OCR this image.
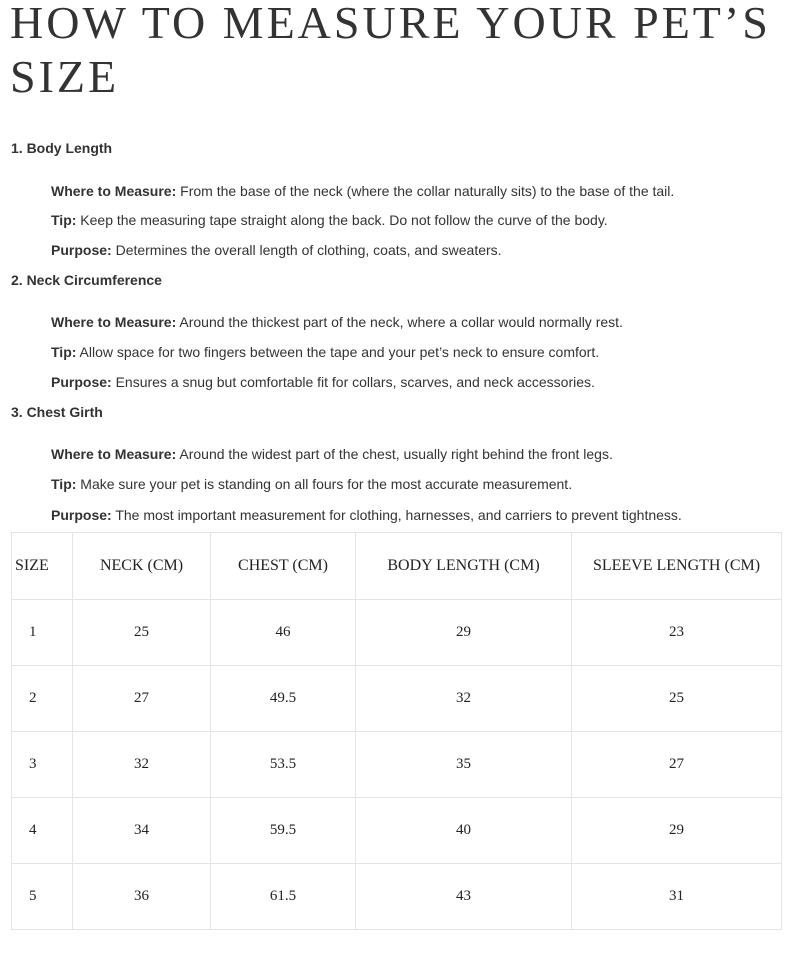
HOW TO MEASURE YOUR PET’S SIZE

1. Body Length

Where to Measure: From the base of the neck (where the collar naturally sits) to the base of the tail.

Tip: Keep the measuring tape straight along the back. Do not follow the curve of the body.

Purpose: Determines the overall length of clothing, coats, and sweaters.

2. Neck Circumference

Where to Measure: Around the thickest part of the neck, where a collar would normally rest.

Tip: Allow space for two fingers between the tape and your pet’s neck to ensure comfort.

Purpose: Ensures a snug but comfortable fit for collars, scarves, and neck accessories.

3. Chest Girth

Where to Measure: Around the widest part of the chest, usually right behind the front legs.

Tip: Make sure your pet is standing on all fours for the most accurate measurement.

Purpose: The most important measurement for clothing, harnesses, and carriers to prevent tightness.

SIZE	NECK (CM)	CHEST (CM)	BODY LENGTH (CM)	SLEEVE LENGTH (CM)
1	25	46	29	23
2	27	49.5	32	25
3	32	53.5	35	27
4	34	59.5	40	29
5	36	61.5	43	31
